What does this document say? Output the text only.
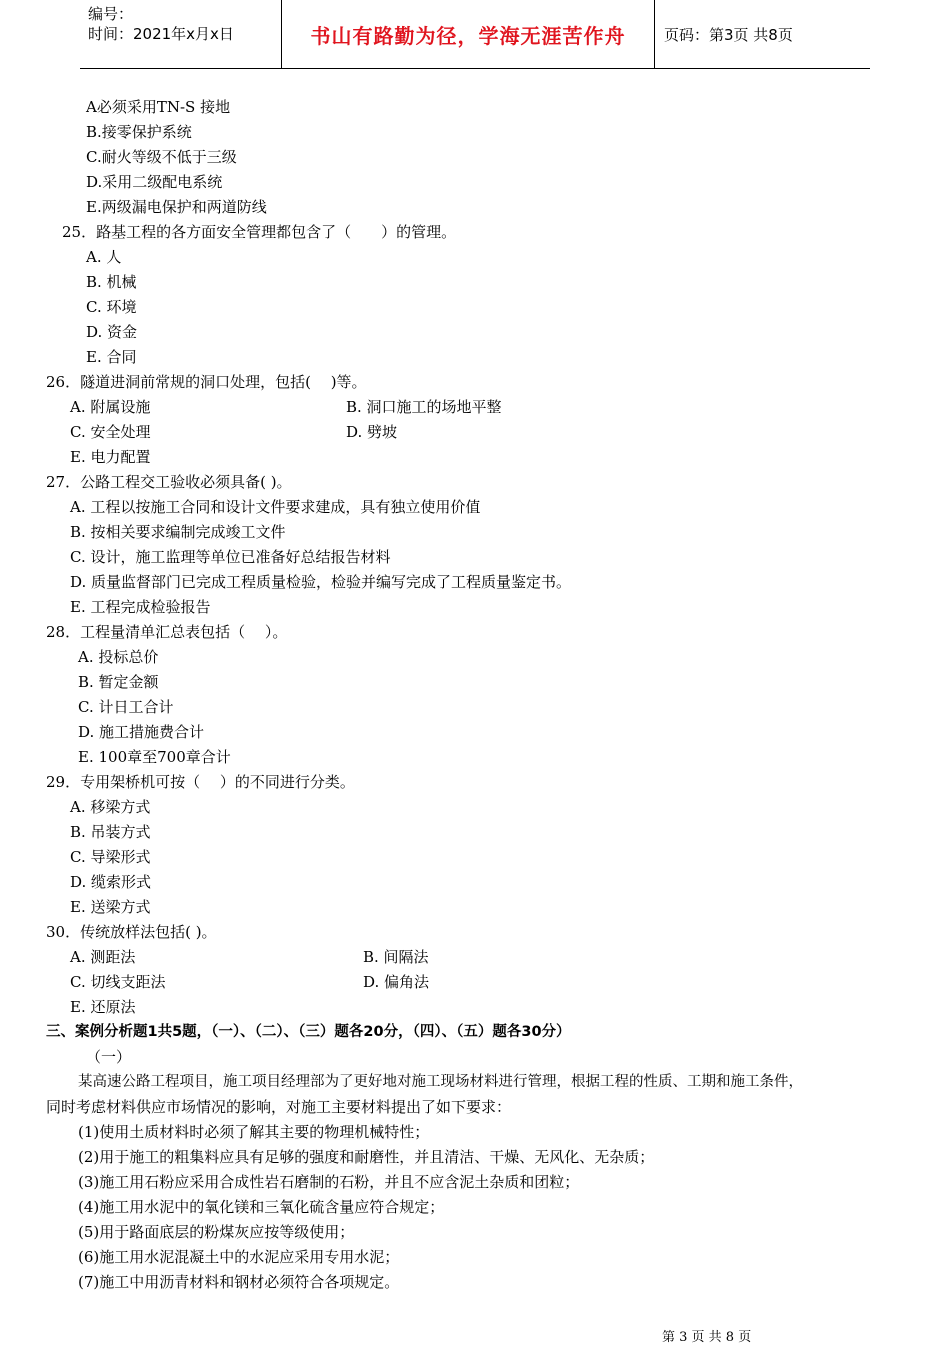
编号：
时间：2021年x月x日	书山有路勤为径，学海无涯苦作舟	页码：第3页 共8页
A必须采用TN-S 接地
B.接零保护系统
C.耐火等级不低于三级
D.采用二级配电系统
E.两级漏电保护和两道防线
25．路基工程的各方面安全管理都包含了（　　）的管理。
A. 人
B. 机械
C. 环境
D. 资金
E. 合同
26．隧道进洞前常规的洞口处理，包括(　 )等。
A. 附属设施	B. 洞口施工的场地平整
C. 安全处理	D. 劈坡
E. 电力配置
27．公路工程交工验收必须具备( )。
A. 工程以按施工合同和设计文件要求建成，具有独立使用价值
B. 按相关要求编制完成竣工文件
C. 设计，施工监理等单位已准备好总结报告材料
D. 质量监督部门已完成工程质量检验，检验并编写完成了工程质量鉴定书。
E. 工程完成检验报告
28．工程量清单汇总表包括（　 ）。
A. 投标总价
B. 暂定金额
C. 计日工合计
D. 施工措施费合计
E. 100章至700章合计
29．专用架桥机可按（　 ）的不同进行分类。
A. 移梁方式
B. 吊装方式
C. 导梁形式
D. 缆索形式
E. 送梁方式
30．传统放样法包括( )。
A. 测距法	B. 间隔法
C. 切线支距法	D. 偏角法
E. 还原法
三、案例分析题1共5题，（一）、（二）、（三）题各20分，（四）、（五）题各30分）
（一）
某高速公路工程项目，施工项目经理部为了更好地对施工现场材料进行管理，根据工程的性质、工期和施工条件，
同时考虑材料供应市场情况的影响，对施工主要材料提出了如下要求：
(1)使用土质材料时必须了解其主要的物理机械特性；
(2)用于施工的粗集料应具有足够的强度和耐磨性，并且清洁、干燥、无风化、无杂质；
(3)施工用石粉应采用合成性岩石磨制的石粉，并且不应含泥土杂质和团粒；
(4)施工用水泥中的氧化镁和三氧化硫含量应符合规定；
(5)用于路面底层的粉煤灰应按等级使用；
(6)施工用水泥混凝土中的水泥应采用专用水泥；
(7)施工中用沥青材料和钢材必须符合各项规定。
第 3 页 共 8 页
